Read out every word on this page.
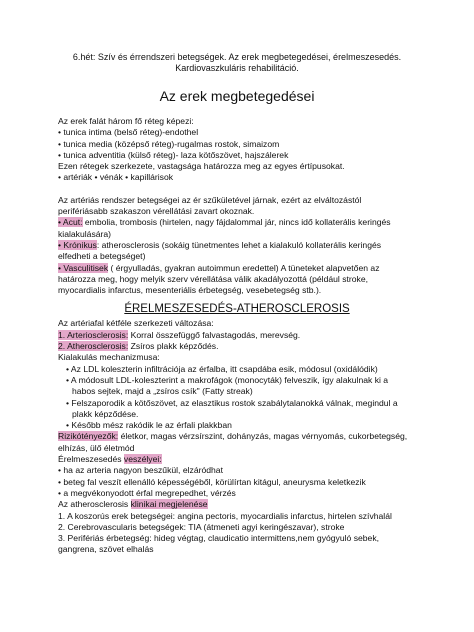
6.hét: Szív és érrendszeri betegségek. Az erek megbetegedései, érelmeszesedés.
Kardiovaszkuláris rehabilitáció.
Az erek megbetegedései

Az erek falát három fő réteg képezi:

• tunica intima (belső réteg)-endothel

• tunica media (középső réteg)-rugalmas rostok, simaizom

• tunica adventitia (külső réteg)- laza kötőszövet, hajszálerek

Ezen rétegek szerkezete, vastagsága határozza meg az egyes értípusokat.

• artériák • vénák • kapillárisok

Az artériás rendszer betegségei az ér szűkületével járnak, ezért az elváltozástól

perifériásabb szakaszon vérellátási zavart okoznak.

• Acut: embolia, trombosis (hirtelen, nagy fájdalommal jár, nincs idő kollaterális keringés

kialakulására)

• Krónikus: atherosclerosis (sokáig tünetmentes lehet a kialakuló kollaterális keringés

elfedheti a betegséget)

• Vasculitisek ( érgyulladás, gyakran autoimmun eredettel) A tüneteket alapvetően az

határozza meg, hogy melyik szerv vérellátása válik akadályozottá (például stroke,

myocardialis infarctus, mesenteriális érbetegség, vesebetegség stb.).

ÉRELMESZESEDÉS-ATHEROSCLEROSIS

Az artériafal kétféle szerkezeti változása:

1. Arteriosclerosis: Korral összefüggő falvastagodás, merevség.

2. Atherosclerosis: Zsíros plakk képződés.

Kialakulás mechanizmusa:

• Az LDL koleszterin infiltrációja az érfalba, itt csapdába esik, módosul (oxidálódik)

• A módosult LDL-koleszterint a makrofágok (monocyták) felveszik, így alakulnak ki a

habos sejtek, majd a „zsíros csík" (Fatty streak)

• Felszaporodik a kötőszövet, az elasztikus rostok szabálytalanokká válnak, megindul a

plakk képződése.

• Később mész rakódik le az érfali plakkban

Rizikótényezők: életkor, magas vérzsírszint, dohányzás, magas vérnyomás, cukorbetegség,

elhízás, ülő életmód

Érelmeszesedés veszélyei:

• ha az arteria nagyon beszűkül, elzáródhat

• beteg fal veszít ellenálló képességéből, körülírtan kitágul, aneurysma keletkezik

• a megvékonyodott érfal megrepedhet, vérzés

Az atherosclerosis klinikai megjelenése

1. A koszorús erek betegségei: angina pectoris, myocardialis infarctus, hirtelen szívhalál

2. Cerebrovascularis betegségek: TIA (átmeneti agyi keringészavar), stroke

3. Perifériás érbetegség: hideg végtag, claudicatio intermittens,nem gyógyuló sebek,

gangrena, szövet elhalás
